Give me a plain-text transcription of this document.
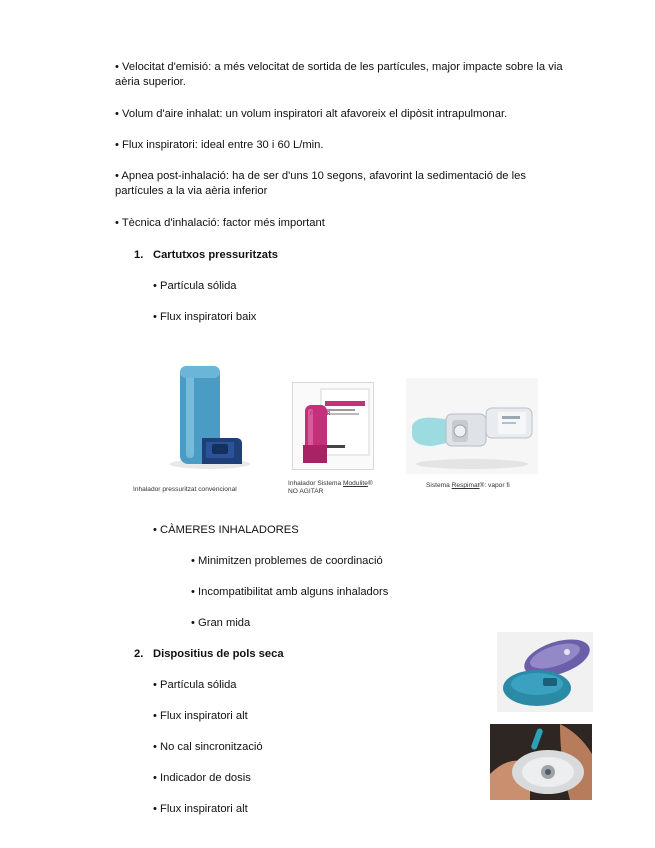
• Velocitat d'emisió: a més velocitat de sortida de les partícules, major impacte sobre la via aèria superior.
• Volum d'aire inhalat: un volum inspiratori alt afavoreix el dipòsit intrapulmonar.
• Flux inspiratori: ideal entre 30 i 60 L/min.
• Apnea post-inhalació: ha de ser d'uns 10 segons, afavorint la sedimentació de les partícules a la via aèria inferior
• Tècnica d'inhalació: factor més important
1. Cartutxos pressuritzats
• Partícula sólida
• Flux inspiratori baix
Inhalador pressuritzat convencional
FOSTER
Inhalador Sistema Modulite®
NO AGITAR
Sistema Respimat®: vapor fi
• CÀMERES INHALADORES
• Minimitzen problemes de coordinació
• Incompatibilitat amb alguns inhaladors
• Gran mida
2. Dispositius de pols seca
• Partícula sólida
• Flux inspiratori alt
• No cal sincronització
• Indicador de dosis
• Flux inspiratori alt
